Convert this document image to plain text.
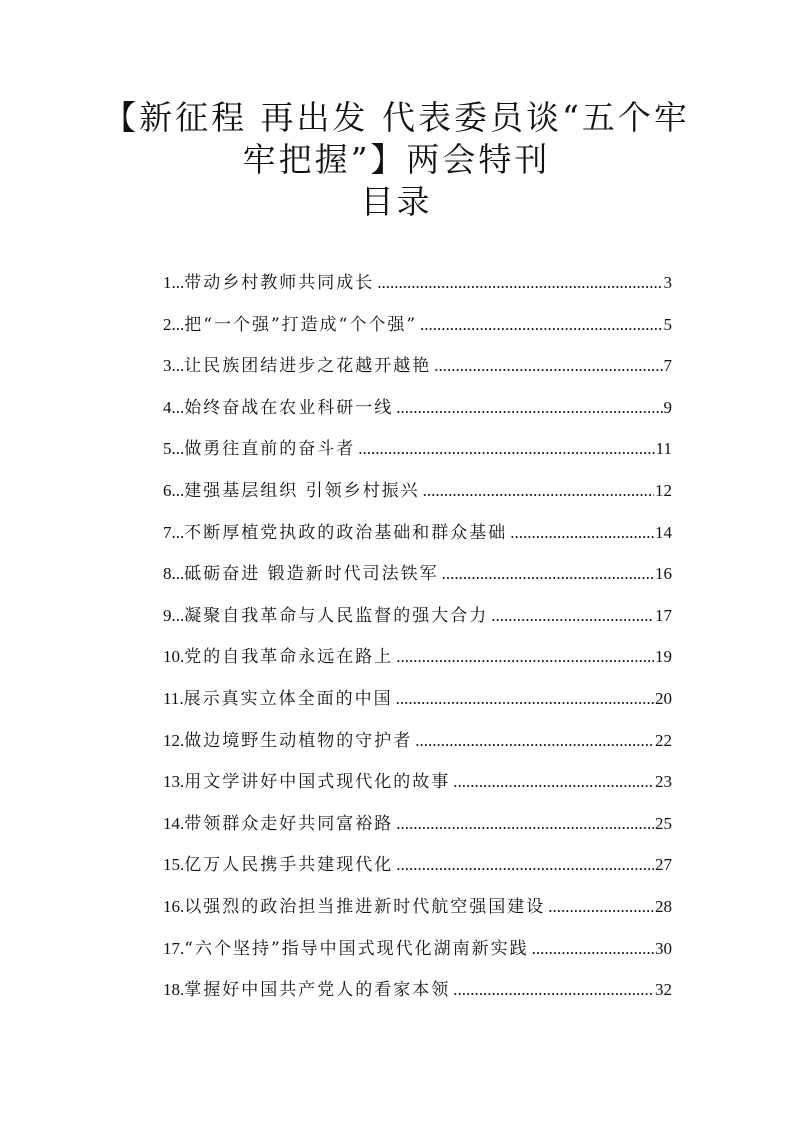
【新征程 再出发 代表委员谈“五个牢
牢把握”】两会特刊
目录
1... 带动乡村教师共同成长 .....	3
2... 把“一个强”打造成“个个强” .....	5
3... 让民族团结进步之花越开越艳 .....	7
4... 始终奋战在农业科研一线 .....	9
5... 做勇往直前的奋斗者 .....	11
6... 建强基层组织 引领乡村振兴 .....	12
7... 不断厚植党执政的政治基础和群众基础 .....	14
8... 砥砺奋进 锻造新时代司法铁军 .....	16
9... 凝聚自我革命与人民监督的强大合力 .....	17
10. 党的自我革命永远在路上 .....	19
11. 展示真实立体全面的中国 .....	20
12. 做边境野生动植物的守护者 .....	22
13. 用文学讲好中国式现代化的故事 .....	23
14. 带领群众走好共同富裕路 .....	25
15. 亿万人民携手共建现代化 .....	27
16. 以强烈的政治担当推进新时代航空强国建设 .....	28
17. “六个坚持”指导中国式现代化湖南新实践 .....	30
18. 掌握好中国共产党人的看家本领 .....	32
